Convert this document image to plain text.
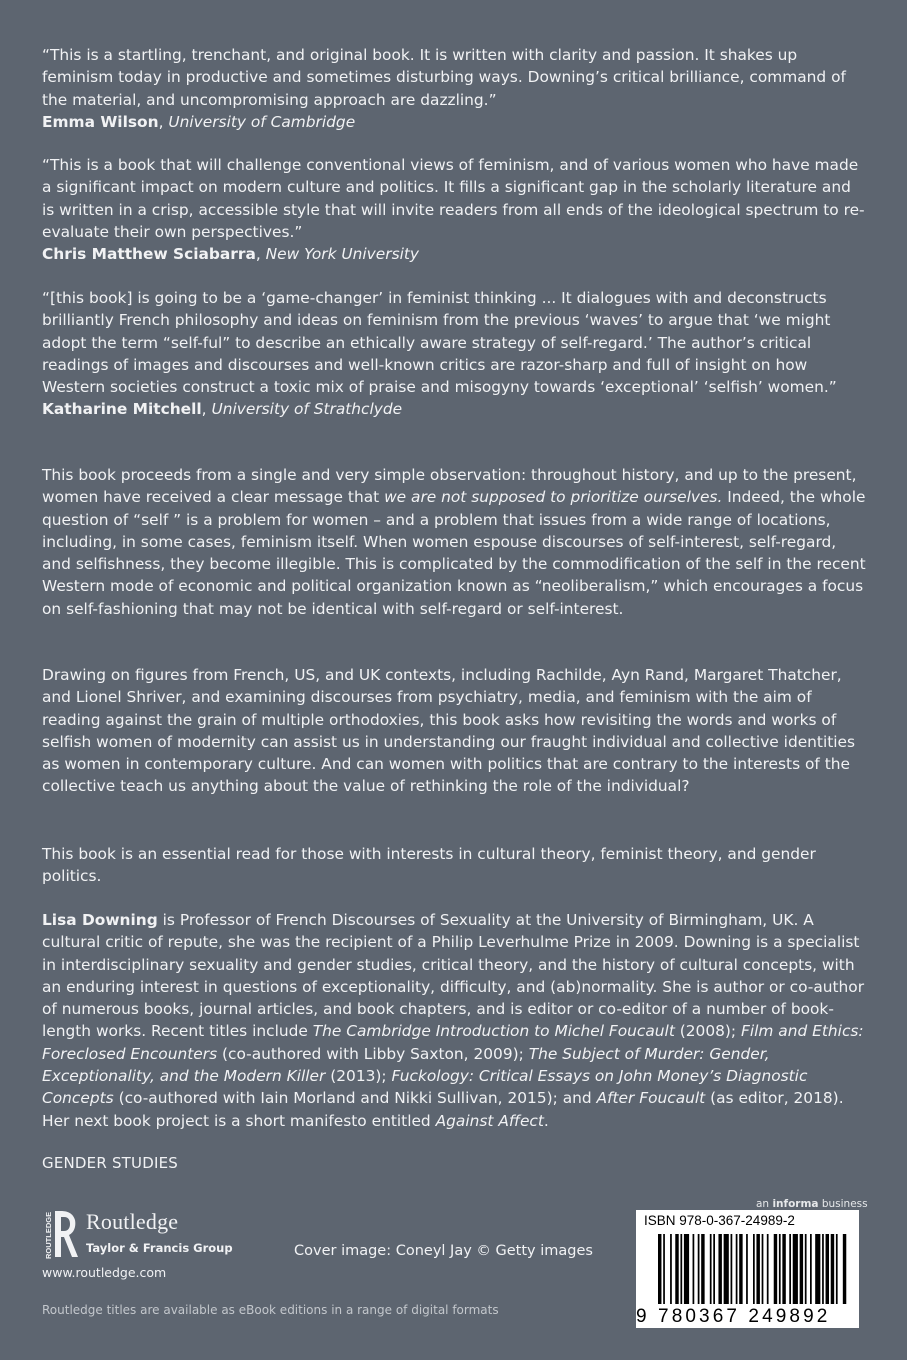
“This is a startling, trenchant, and original book. It is written with clarity and passion. It shakes up feminism today in productive and sometimes disturbing ways. Downing’s critical brilliance, command of the material, and uncompromising approach are dazzling.”

Emma Wilson, University of Cambridge

“This is a book that will challenge conventional views of feminism, and of various women who have made a significant impact on modern culture and politics. It fills a significant gap in the scholarly literature and is written in a crisp, accessible style that will invite readers from all ends of the ideological spectrum to re-evaluate their own perspectives.”

Chris Matthew Sciabarra, New York University

“[this book] is going to be a ‘game-changer’ in feminist thinking ... It dialogues with and deconstructs brilliantly French philosophy and ideas on feminism from the previous ‘waves’ to argue that ‘we might adopt the term “self-ful” to describe an ethically aware strategy of self-regard.’ The author’s critical readings of images and discourses and well-known critics are razor-sharp and full of insight on how Western societies construct a toxic mix of praise and misogyny towards ‘exceptional’ ‘selfish’ women.”

Katharine Mitchell, University of Strathclyde

This book proceeds from a single and very simple observation: throughout history, and up to the present, women have received a clear message that we are not supposed to prioritize ourselves. Indeed, the whole question of “self ” is a problem for women – and a problem that issues from a wide range of locations, including, in some cases, feminism itself. When women espouse discourses of self-interest, self-regard, and selfishness, they become illegible. This is complicated by the commodification of the self in the recent Western mode of economic and political organization known as “neoliberalism,” which encourages a focus on self-fashioning that may not be identical with self-regard or self-interest.

Drawing on figures from French, US, and UK contexts, including Rachilde, Ayn Rand, Margaret Thatcher, and Lionel Shriver, and examining discourses from psychiatry, media, and feminism with the aim of reading against the grain of multiple orthodoxies, this book asks how revisiting the words and works of selfish women of modernity can assist us in understanding our fraught individual and collective identities as women in contemporary culture. And can women with politics that are contrary to the interests of the collective teach us anything about the value of rethinking the role of the individual?

This book is an essential read for those with interests in cultural theory, feminist theory, and gender politics.

Lisa Downing is Professor of French Discourses of Sexuality at the University of Birmingham, UK. A cultural critic of repute, she was the recipient of a Philip Leverhulme Prize in 2009. Downing is a specialist in interdisciplinary sexuality and gender studies, critical theory, and the history of cultural concepts, with an enduring interest in questions of exceptionality, difficulty, and (ab)normality. She is author or co-author of numerous books, journal articles, and book chapters, and is editor or co-editor of a number of book-length works. Recent titles include The Cambridge Introduction to Michel Foucault (2008); Film and Ethics: Foreclosed Encounters (co-authored with Libby Saxton, 2009); The Subject of Murder: Gender, Exceptionality, and the Modern Killer (2013); Fuckology: Critical Essays on John Money’s Diagnostic Concepts (co-authored with Iain Morland and Nikki Sullivan, 2015); and After Foucault (as editor, 2018). Her next book project is a short manifesto entitled Against Affect.

GENDER STUDIES
ROUTLEDGE Routledge
Taylor & Francis Group
www.routledge.com
Cover image: Coneyl Jay © Getty images
an informa business
ISBN 978-0-367-24989-2
9 780367 249892
Routledge titles are available as eBook editions in a range of digital formats
